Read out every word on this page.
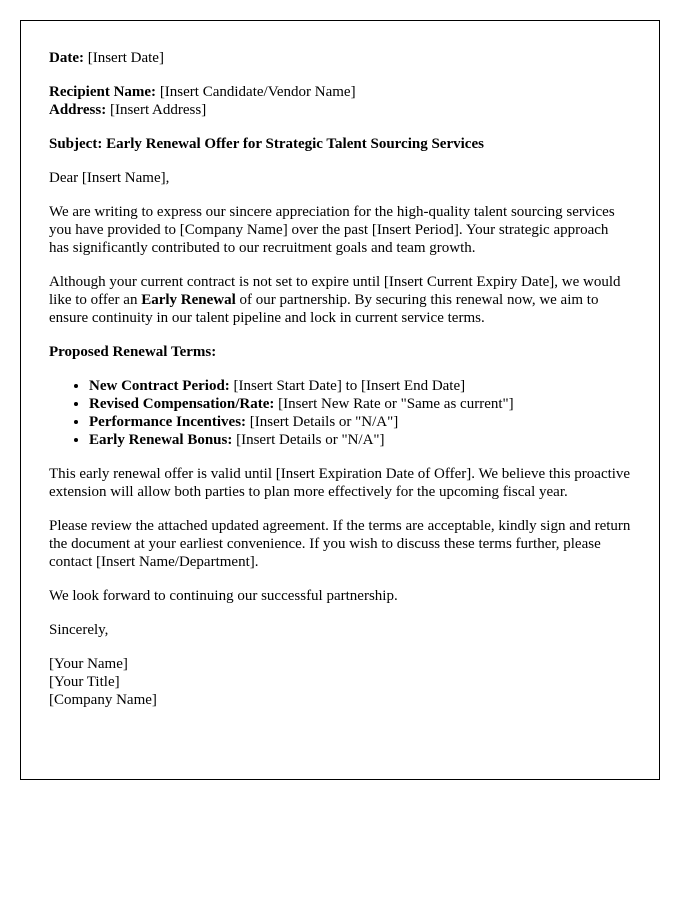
Date: [Insert Date]

Recipient Name: [Insert Candidate/Vendor Name]
Address: [Insert Address]

Subject: Early Renewal Offer for Strategic Talent Sourcing Services

Dear [Insert Name],

We are writing to express our sincere appreciation for the high-quality talent sourcing services you have provided to [Company Name] over the past [Insert Period]. Your strategic approach has significantly contributed to our recruitment goals and team growth.

Although your current contract is not set to expire until [Insert Current Expiry Date], we would like to offer an Early Renewal of our partnership. By securing this renewal now, we aim to ensure continuity in our talent pipeline and lock in current service terms.

Proposed Renewal Terms:

• New Contract Period: [Insert Start Date] to [Insert End Date]
• Revised Compensation/Rate: [Insert New Rate or "Same as current"]
• Performance Incentives: [Insert Details or "N/A"]
• Early Renewal Bonus: [Insert Details or "N/A"]

This early renewal offer is valid until [Insert Expiration Date of Offer]. We believe this proactive extension will allow both parties to plan more effectively for the upcoming fiscal year.

Please review the attached updated agreement. If the terms are acceptable, kindly sign and return the document at your earliest convenience. If you wish to discuss these terms further, please contact [Insert Name/Department].

We look forward to continuing our successful partnership.

Sincerely,

[Your Name]
[Your Title]
[Company Name]
